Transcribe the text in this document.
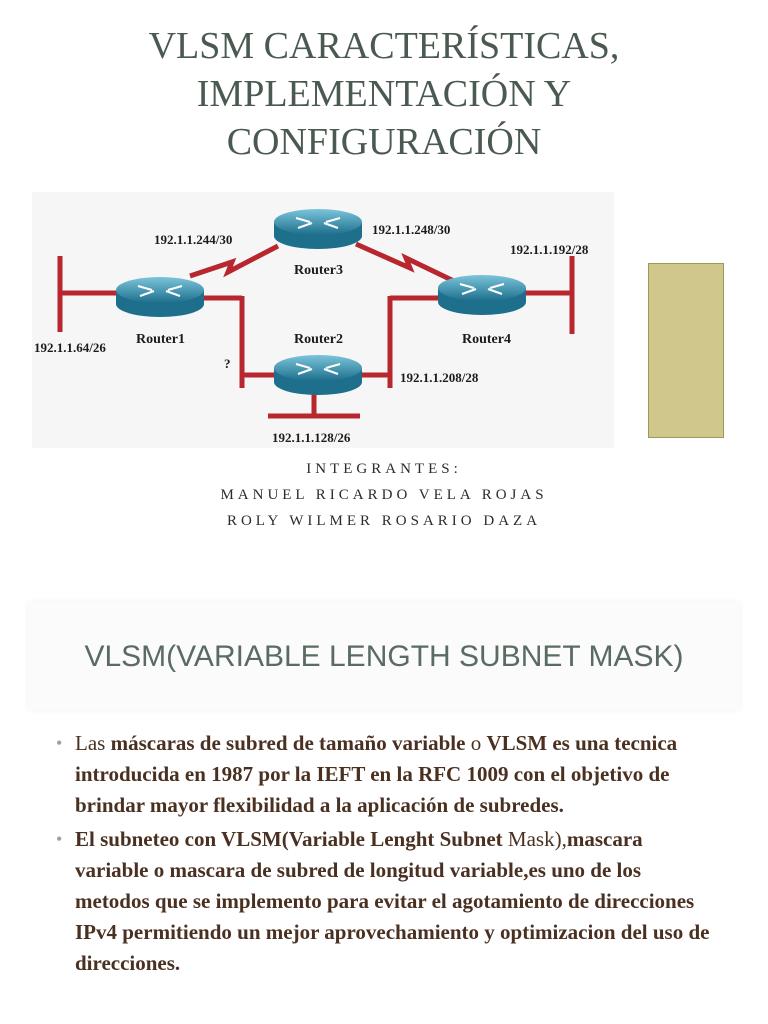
VLSM CARACTERÍSTICAS,
IMPLEMENTACIÓN Y
CONFIGURACIÓN
192.1.1.244/30
192.1.1.248/30
192.1.1.192/28
192.1.1.64/26
?
192.1.1.208/28
192.1.1.128/26
Router3
Router1	Router2	Router4
INTEGRANTES:
MANUEL RICARDO VELA ROJAS
ROLY WILMER ROSARIO DAZA
VLSM(VARIABLE LENGTH SUBNET MASK)
• Las máscaras de subred de tamaño variable o VLSM es una tecnica introducida en 1987 por la IEFT en la RFC 1009 con el objetivo de brindar mayor flexibilidad a la aplicación de subredes.
• El subneteo con VLSM(Variable Lenght Subnet Mask),mascara variable o mascara de subred de longitud variable,es uno de los metodos que se implemento para evitar el agotamiento de direcciones IPv4 permitiendo un mejor aprovechamiento y optimizacion del uso de direcciones.
